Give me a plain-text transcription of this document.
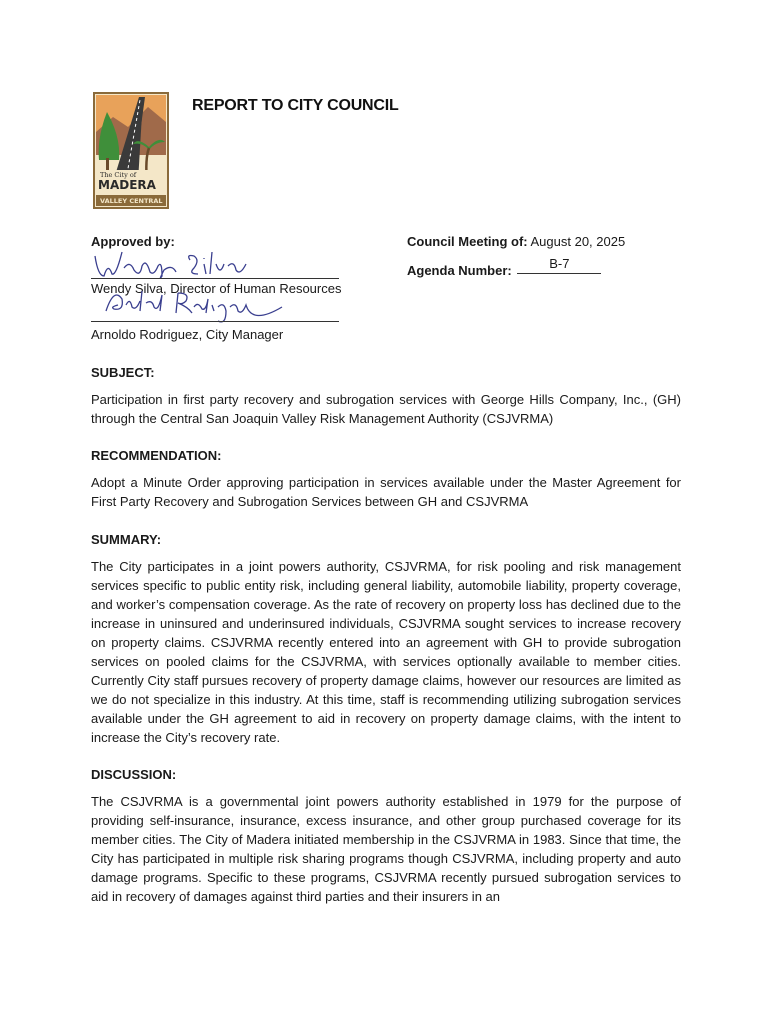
The City of
MADERA
VALLEY CENTRAL
REPORT TO CITY COUNCIL
Approved by:	Council Meeting of: August 20, 2025
Agenda Number:	B-7
Wendy Silva, Director of Human Resources
Arnoldo Rodriguez, City Manager
SUBJECT:

Participation in first party recovery and subrogation services with George Hills Company, Inc., (GH) through the Central San Joaquin Valley Risk Management Authority (CSJVRMA)

RECOMMENDATION:

Adopt a Minute Order approving participation in services available under the Master Agreement for First Party Recovery and Subrogation Services between GH and CSJVRMA

SUMMARY:

The City participates in a joint powers authority, CSJVRMA, for risk pooling and risk management services specific to public entity risk, including general liability, automobile liability, property coverage, and worker’s compensation coverage. As the rate of recovery on property loss has declined due to the increase in uninsured and underinsured individuals, CSJVRMA sought services to increase recovery on property claims. CSJVRMA recently entered into an agreement with GH to provide subrogation services on pooled claims for the CSJVRMA, with services optionally available to member cities. Currently City staff pursues recovery of property damage claims, however our resources are limited as we do not specialize in this industry. At this time, staff is recommending utilizing subrogation services available under the GH agreement to aid in recovery on property damage claims, with the intent to increase the City’s recovery rate.

DISCUSSION:

The CSJVRMA is a governmental joint powers authority established in 1979 for the purpose of providing self-insurance, insurance, excess insurance, and other group purchased coverage for its member cities. The City of Madera initiated membership in the CSJVRMA in 1983. Since that time, the City has participated in multiple risk sharing programs though CSJVRMA, including property and auto damage programs. Specific to these programs, CSJVRMA recently pursued subrogation services to aid in recovery of damages against third parties and their insurers in an
